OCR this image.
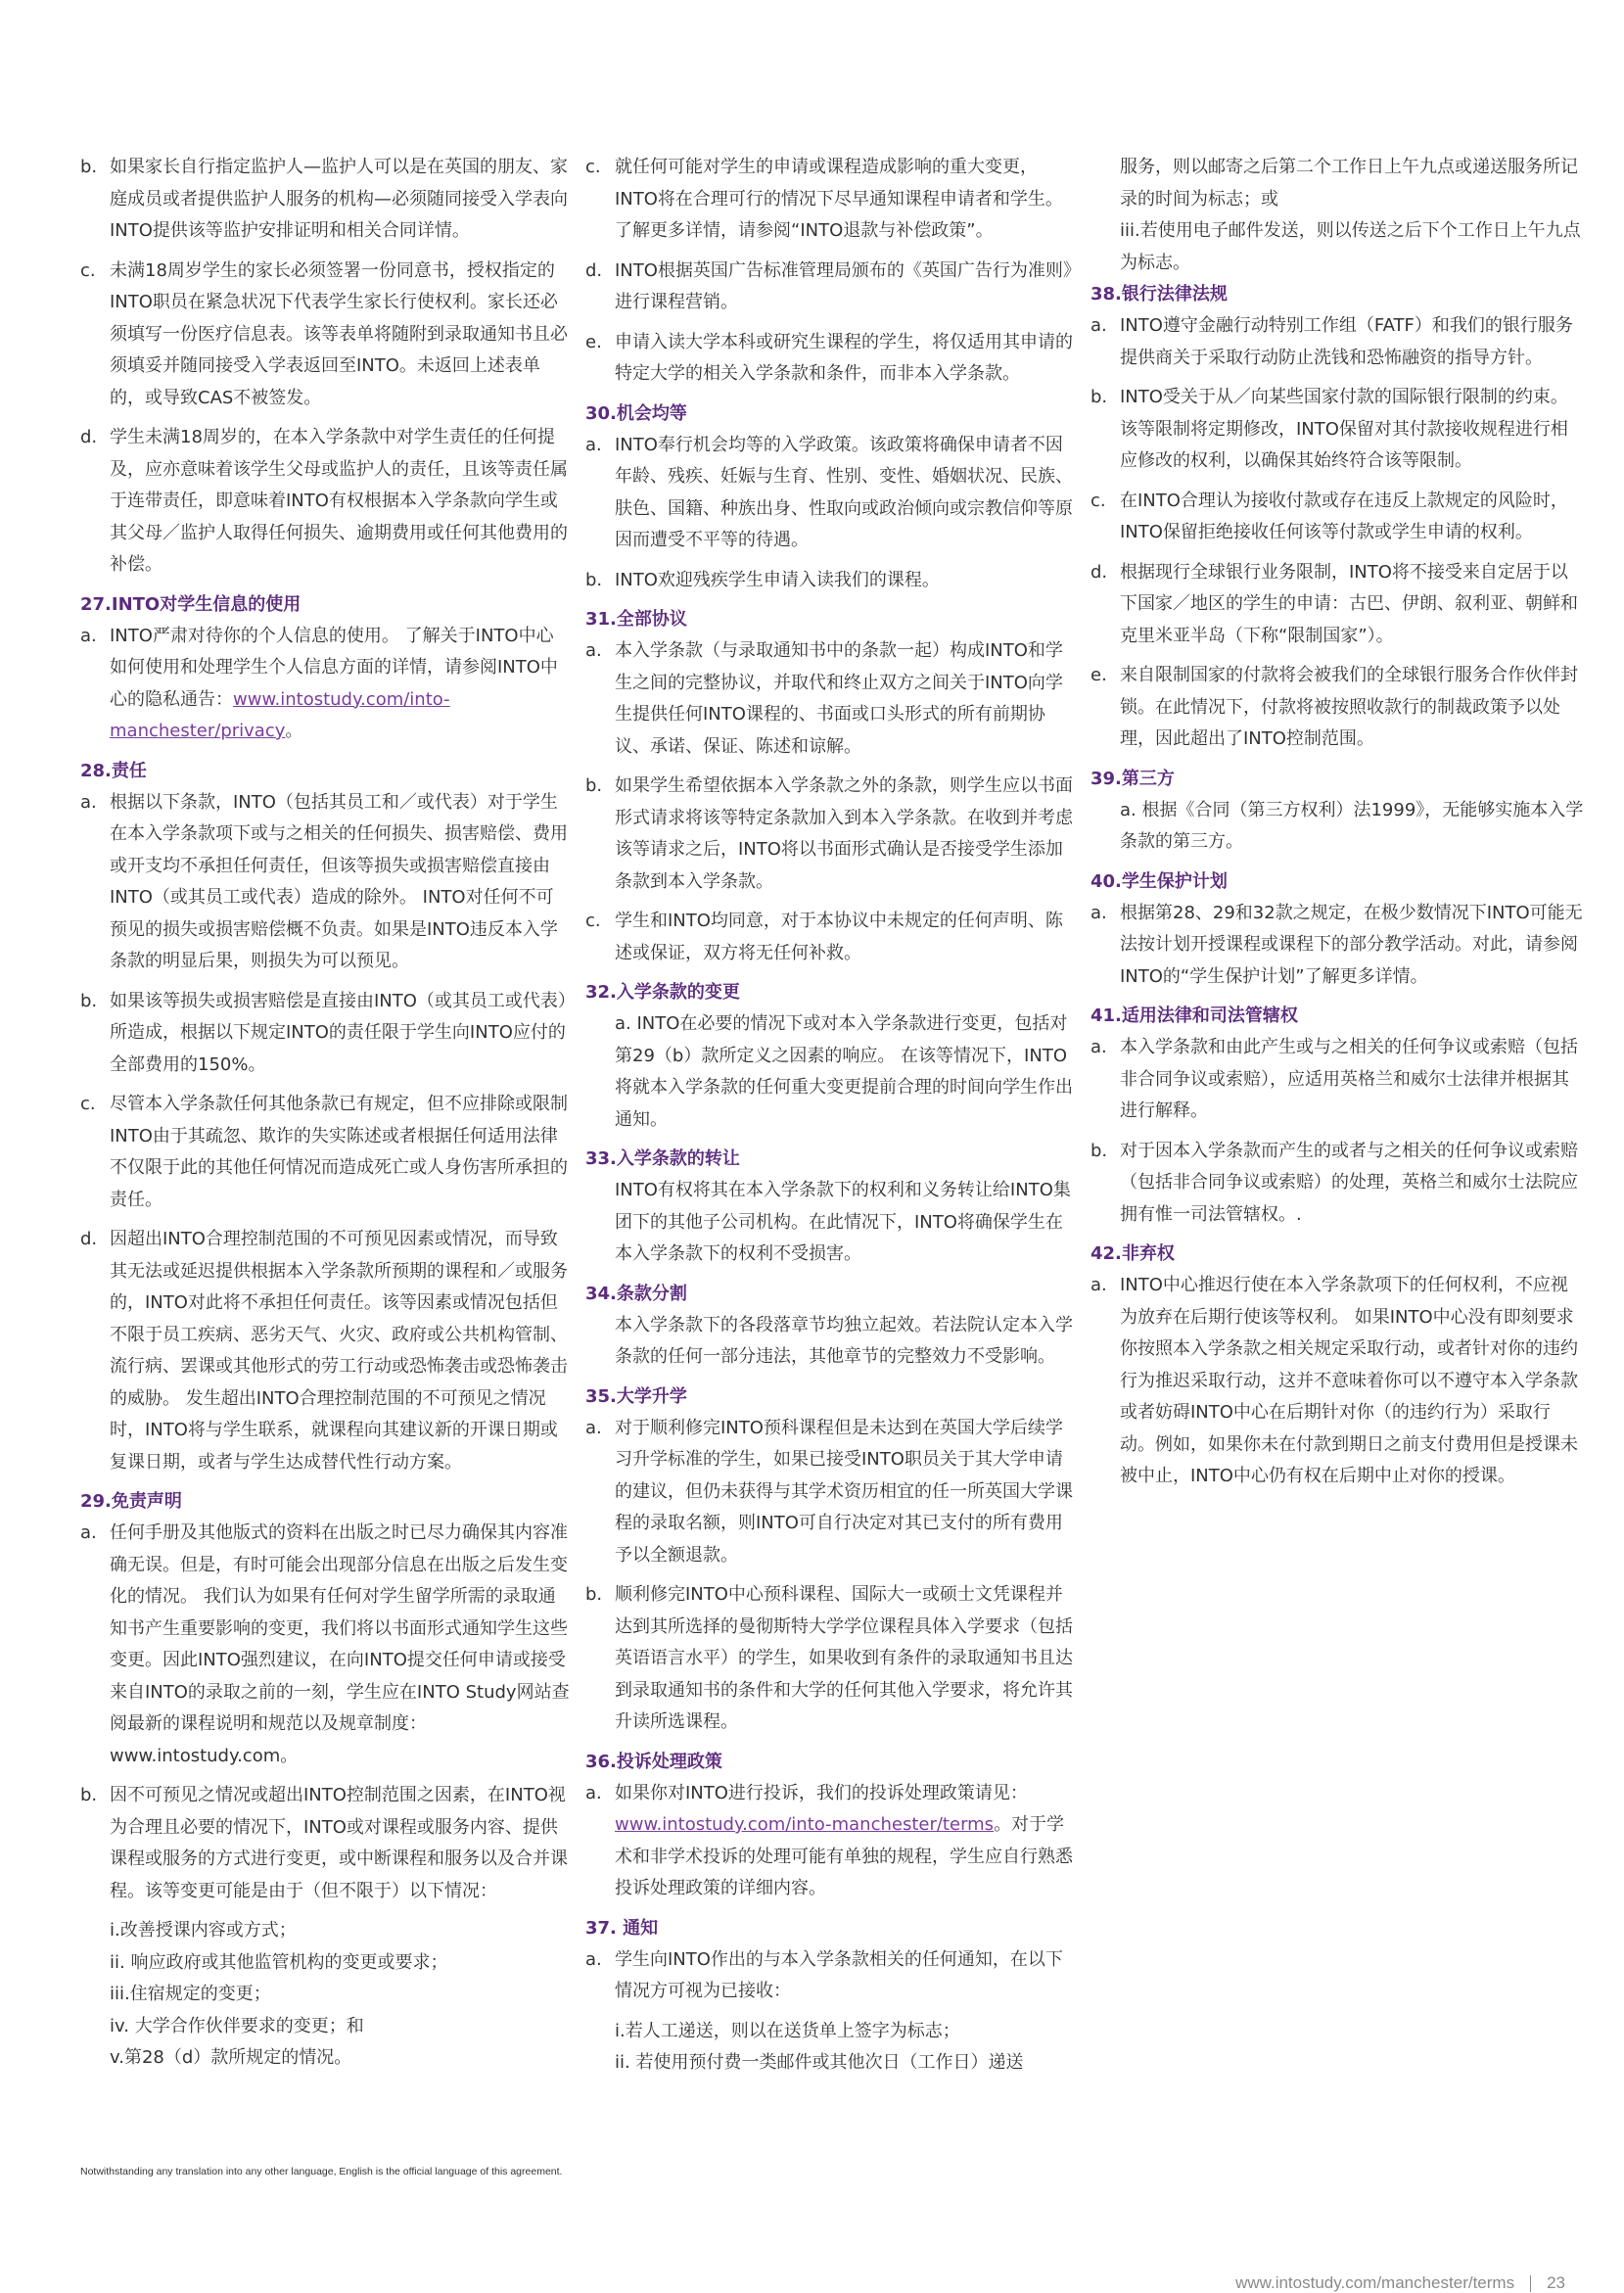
b. 如果家长自行指定监护人—监护人可以是在英国的朋友、家庭成员或者提供监护人服务的机构—必须随同接受入学表向INTO提供该等监护安排证明和相关合同详情。
c. 未满18周岁学生的家长必须签署一份同意书，授权指定的INTO职员在紧急状况下代表学生家长行使权利。家长还必须填写一份医疗信息表。该等表单将随附到录取通知书且必须填妥并随同接受入学表返回至INTO。未返回上述表单的，或导致CAS不被签发。
d. 学生未满18周岁的，在本入学条款中对学生责任的任何提及，应亦意味着该学生父母或监护人的责任，且该等责任属于连带责任，即意味着INTO有权根据本入学条款向学生或其父母／监护人取得任何损失、逾期费用或任何其他费用的补偿。
27.INTO对学生信息的使用
a. INTO严肃对待你的个人信息的使用。 了解关于INTO中心如何使用和处理学生个人信息方面的详情，请参阅INTO中心的隐私通告：www.intostudy.com/into-manchester/privacy。
28.责任
a. 根据以下条款，INTO（包括其员工和／或代表）对于学生在本入学条款项下或与之相关的任何损失、损害赔偿、费用或开支均不承担任何责任，但该等损失或损害赔偿直接由INTO（或其员工或代表）造成的除外。 INTO对任何不可预见的损失或损害赔偿概不负责。如果是INTO违反本入学条款的明显后果，则损失为可以预见。
b. 如果该等损失或损害赔偿是直接由INTO（或其员工或代表）所造成，根据以下规定INTO的责任限于学生向INTO应付的全部费用的150%。
c. 尽管本入学条款任何其他条款已有规定，但不应排除或限制INTO由于其疏忽、欺诈的失实陈述或者根据任何适用法律不仅限于此的其他任何情况而造成死亡或人身伤害所承担的责任。
d. 因超出INTO合理控制范围的不可预见因素或情况，而导致其无法或延迟提供根据本入学条款所预期的课程和／或服务的，INTO对此将不承担任何责任。该等因素或情况包括但不限于员工疾病、恶劣天气、火灾、政府或公共机构管制、流行病、罢课或其他形式的劳工行动或恐怖袭击或恐怖袭击的威胁。 发生超出INTO合理控制范围的不可预见之情况时，INTO将与学生联系，就课程向其建议新的开课日期或复课日期，或者与学生达成替代性行动方案。
29.免责声明
a. 任何手册及其他版式的资料在出版之时已尽力确保其内容准确无误。但是，有时可能会出现部分信息在出版之后发生变化的情况。 我们认为如果有任何对学生留学所需的录取通知书产生重要影响的变更，我们将以书面形式通知学生这些变更。因此INTO强烈建议，在向INTO提交任何申请或接受来自INTO的录取之前的一刻，学生应在INTO Study网站查阅最新的课程说明和规范以及规章制度：www.intostudy.com。
b. 因不可预见之情况或超出INTO控制范围之因素，在INTO视为合理且必要的情况下，INTO或对课程或服务内容、提供课程或服务的方式进行变更，或中断课程和服务以及合并课程。该等变更可能是由于（但不限于）以下情况：
i.改善授课内容或方式；
ii. 响应政府或其他监管机构的变更或要求；
iii.住宿规定的变更；
iv. 大学合作伙伴要求的变更；和
v.第28（d）款所规定的情况。
c. 就任何可能对学生的申请或课程造成影响的重大变更，INTO将在合理可行的情况下尽早通知课程申请者和学生。了解更多详情，请参阅“INTO退款与补偿政策”。
d. INTO根据英国广告标准管理局颁布的《英国广告行为准则》进行课程营销。
e. 申请入读大学本科或研究生课程的学生，将仅适用其申请的特定大学的相关入学条款和条件，而非本入学条款。
30.机会均等
a. INTO奉行机会均等的入学政策。该政策将确保申请者不因年龄、残疾、妊娠与生育、性别、变性、婚姻状况、民族、肤色、国籍、种族出身、性取向或政治倾向或宗教信仰等原因而遭受不平等的待遇。
b. INTO欢迎残疾学生申请入读我们的课程。
31.全部协议
a. 本入学条款（与录取通知书中的条款一起）构成INTO和学生之间的完整协议，并取代和终止双方之间关于INTO向学生提供任何INTO课程的、书面或口头形式的所有前期协议、承诺、保证、陈述和谅解。
b. 如果学生希望依据本入学条款之外的条款，则学生应以书面形式请求将该等特定条款加入到本入学条款。在收到并考虑该等请求之后，INTO将以书面形式确认是否接受学生添加条款到本入学条款。
c. 学生和INTO均同意，对于本协议中未规定的任何声明、陈述或保证，双方将无任何补救。
32.入学条款的变更
a. INTO在必要的情况下或对本入学条款进行变更，包括对第29（b）款所定义之因素的响应。 在该等情况下，INTO将就本入学条款的任何重大变更提前合理的时间向学生作出通知。
33.入学条款的转让
INTO有权将其在本入学条款下的权利和义务转让给INTO集团下的其他子公司机构。在此情况下，INTO将确保学生在本入学条款下的权利不受损害。
34.条款分割
本入学条款下的各段落章节均独立起效。若法院认定本入学条款的任何一部分违法，其他章节的完整效力不受影响。
35.大学升学
a. 对于顺利修完INTO预科课程但是未达到在英国大学后续学习升学标准的学生，如果已接受INTO职员关于其大学申请的建议，但仍未获得与其学术资历相宜的任一所英国大学课程的录取名额，则INTO可自行决定对其已支付的所有费用予以全额退款。
b. 顺利修完INTO中心预科课程、国际大一或硕士文凭课程并达到其所选择的曼彻斯特大学学位课程具体入学要求（包括英语语言水平）的学生，如果收到有条件的录取通知书且达到录取通知书的条件和大学的任何其他入学要求，将允许其升读所选课程。
36.投诉处理政策
a. 如果你对INTO进行投诉，我们的投诉处理政策请见：www.intostudy.com/into-manchester/terms。对于学术和非学术投诉的处理可能有单独的规程，学生应自行熟悉投诉处理政策的详细内容。
37. 通知
a. 学生向INTO作出的与本入学条款相关的任何通知，在以下情况方可视为已接收：
i.若人工递送，则以在送货单上签字为标志；
ii. 若使用预付费一类邮件或其他次日（工作日）递送
服务，则以邮寄之后第二个工作日上午九点或递送服务所记录的时间为标志；或
iii.若使用电子邮件发送，则以传送之后下个工作日上午九点为标志。
38.银行法律法规
a. INTO遵守金融行动特别工作组（FATF）和我们的银行服务提供商关于采取行动防止洗钱和恐怖融资的指导方针。
b. INTO受关于从／向某些国家付款的国际银行限制的约束。该等限制将定期修改，INTO保留对其付款接收规程进行相应修改的权利，以确保其始终符合该等限制。
c. 在INTO合理认为接收付款或存在违反上款规定的风险时，INTO保留拒绝接收任何该等付款或学生申请的权利。
d. 根据现行全球银行业务限制，INTO将不接受来自定居于以下国家／地区的学生的申请：古巴、伊朗、叙利亚、朝鲜和克里米亚半岛（下称“限制国家”）。
e. 来自限制国家的付款将会被我们的全球银行服务合作伙伴封锁。在此情况下，付款将被按照收款行的制裁政策予以处理，因此超出了INTO控制范围。
39.第三方
a. 根据《合同（第三方权利）法1999》，无能够实施本入学条款的第三方。
40.学生保护计划
a. 根据第28、29和32款之规定，在极少数情况下INTO可能无法按计划开授课程或课程下的部分教学活动。对此，请参阅INTO的“学生保护计划”了解更多详情。
41.适用法律和司法管辖权
a. 本入学条款和由此产生或与之相关的任何争议或索赔（包括非合同争议或索赔），应适用英格兰和威尔士法律并根据其进行解释。
b. 对于因本入学条款而产生的或者与之相关的任何争议或索赔（包括非合同争议或索赔）的处理，英格兰和威尔士法院应拥有惟一司法管辖权。.
42.非弃权
a. INTO中心推迟行使在本入学条款项下的任何权利，不应视为放弃在后期行使该等权利。 如果INTO中心没有即刻要求你按照本入学条款之相关规定采取行动，或者针对你的违约行为推迟采取行动，这并不意味着你可以不遵守本入学条款或者妨碍INTO中心在后期针对你（的违约行为）采取行动。例如，如果你未在付款到期日之前支付费用但是授课未被中止，INTO中心仍有权在后期中止对你的授课。
Notwithstanding any translation into any other language, English is the official language of this agreement.
www.intostudy.com/manchester/terms 23
